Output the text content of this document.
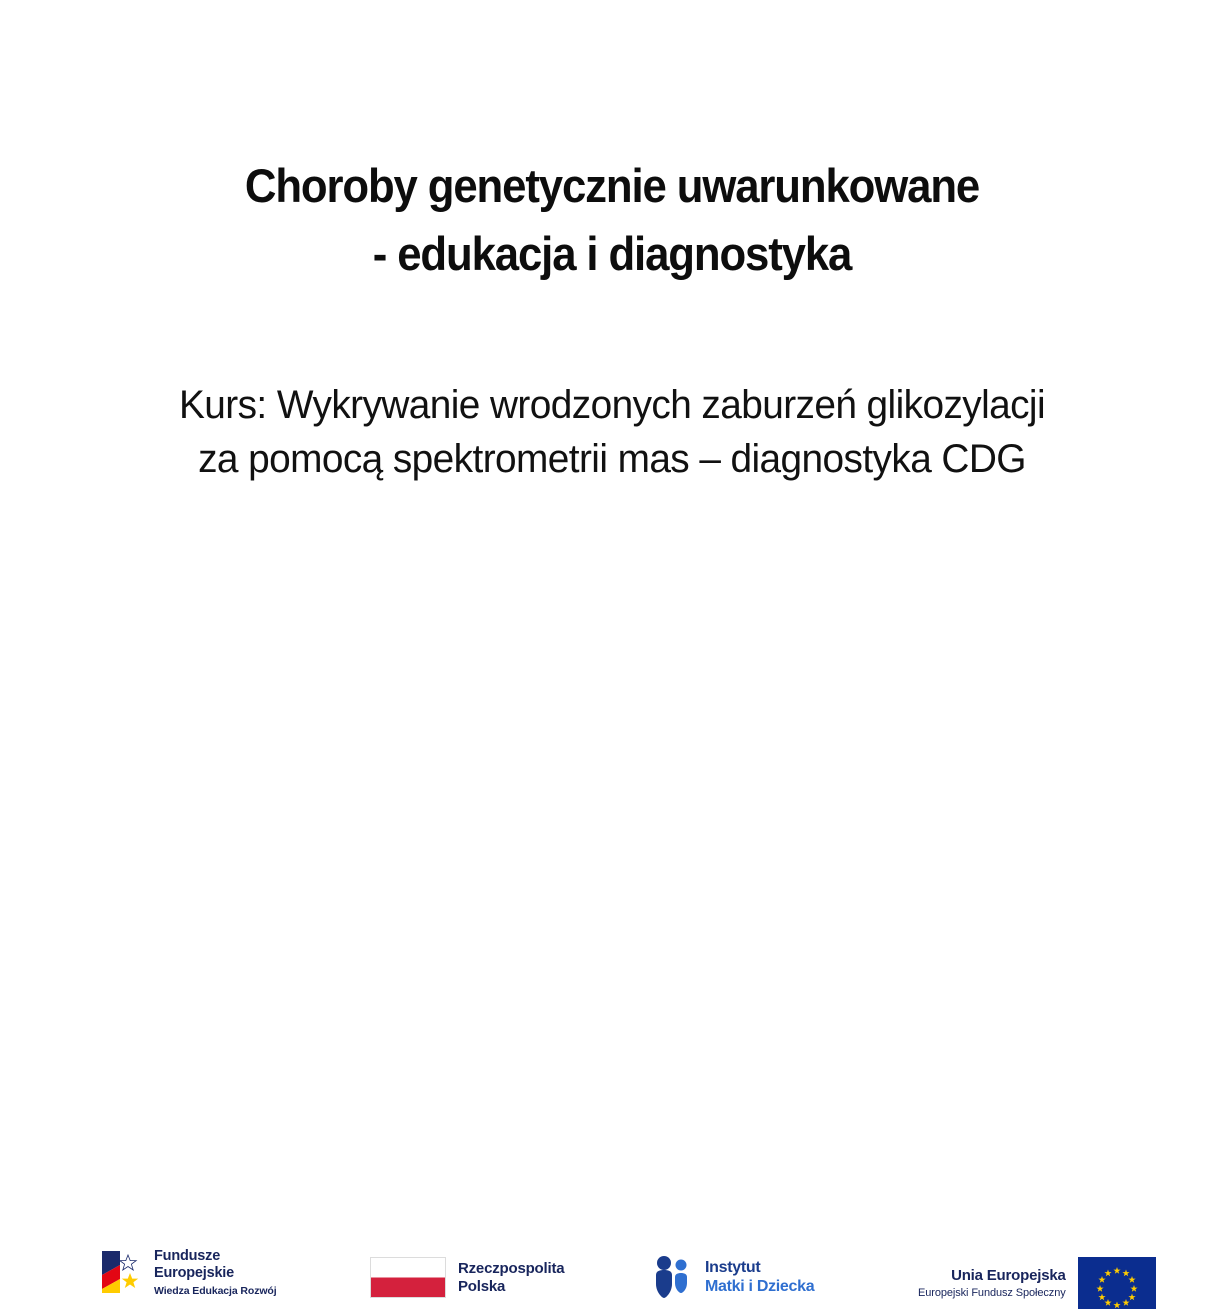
Choroby genetycznie uwarunkowane
- edukacja i diagnostyka
Kurs: Wykrywanie wrodzonych zaburzeń glikozylacji
za pomocą spektrometrii mas – diagnostyka CDG
Fundusze
Europejskie
Wiedza Edukacja Rozwój
Rzeczpospolita
Polska
Instytut
Matki i Dziecka
Unia Europejska
Europejski Fundusz Społeczny
